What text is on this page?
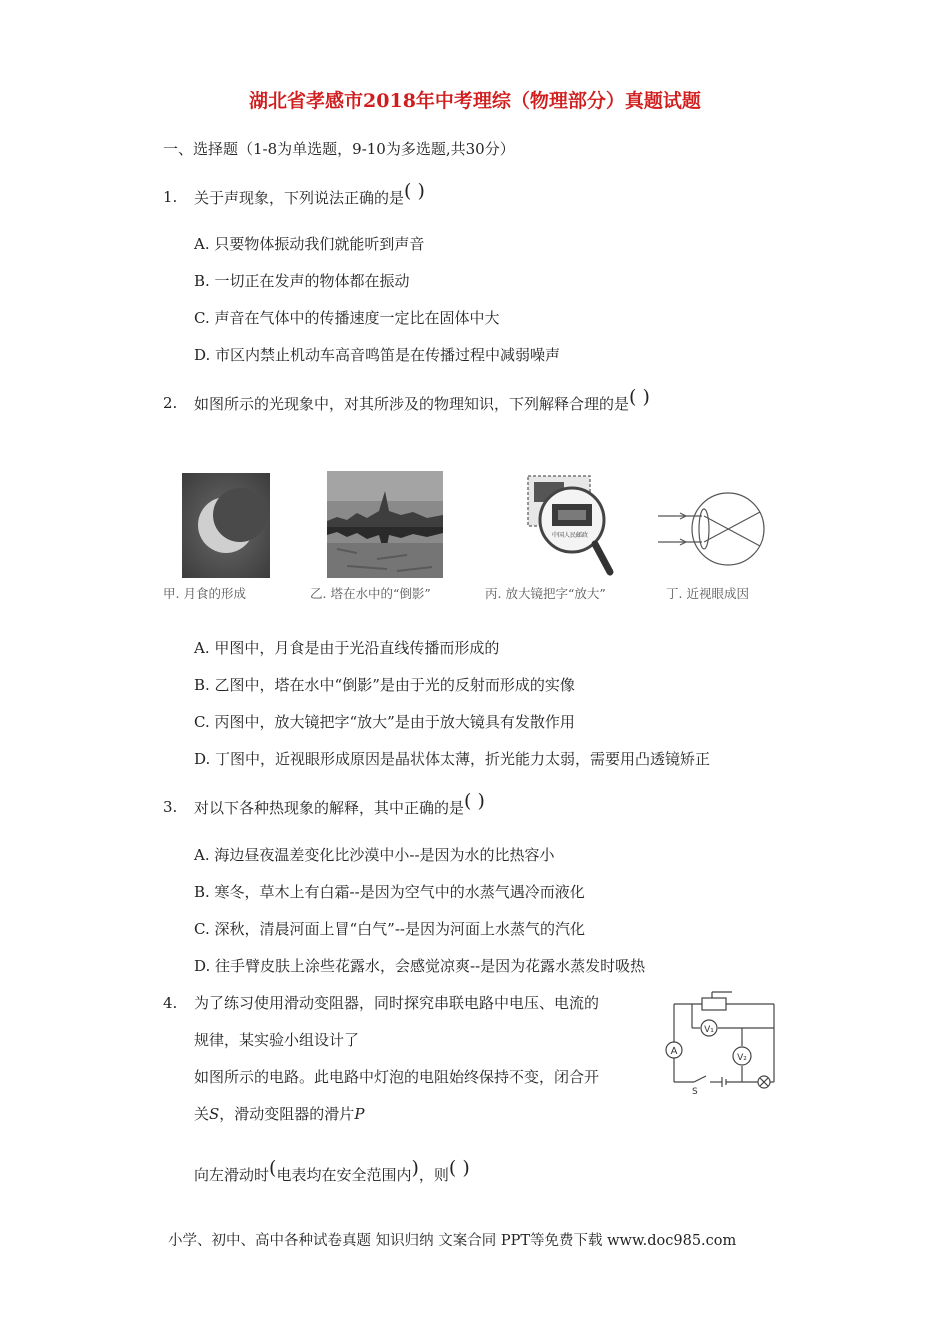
湖北省孝感市2018年中考理综（物理部分）真题试题
一、选择题（1-8为单选题，9-10为多选题,共30分）
1. 关于声现象，下列说法正确的是( )
A. 只要物体振动我们就能听到声音
B. 一切正在发声的物体都在振动
C. 声音在气体中的传播速度一定比在固体中大
D. 市区内禁止机动车高音鸣笛是在传播过程中减弱噪声
2. 如图所示的光现象中，对其所涉及的物理知识，下列解释合理的是( )
中国人民邮政
甲. 月食的形成	乙. 塔在水中的“倒影”	丙. 放大镜把字“放大”	丁. 近视眼成因
A. 甲图中，月食是由于光沿直线传播而形成的
B. 乙图中，塔在水中“倒影”是由于光的反射而形成的实像
C. 丙图中，放大镜把字“放大”是由于放大镜具有发散作用
D. 丁图中，近视眼形成原因是晶状体太薄，折光能力太弱，需要用凸透镜矫正
3. 对以下各种热现象的解释，其中正确的是( )
A. 海边昼夜温差变化比沙漠中小--是因为水的比热容小
B. 寒冬，草木上有白霜--是因为空气中的水蒸气遇冷而液化
C. 深秋，清晨河面上冒“白气”--是因为河面上水蒸气的汽化
D. 往手臂皮肤上涂些花露水，会感觉凉爽--是因为花露水蒸发时吸热
4. 为了练习使用滑动变阻器，同时探究串联电路中电压、电流的
规律，某实验小组设计了
如图所示的电路。此电路中灯泡的电阻始终保持不变，闭合开
关S，滑动变阻器的滑片P
向左滑动时(电表均在安全范围内)，则( )
A
V₁
V₂
S
小学、初中、高中各种试卷真题 知识归纳 文案合同 PPT等免费下载 www.doc985.com
